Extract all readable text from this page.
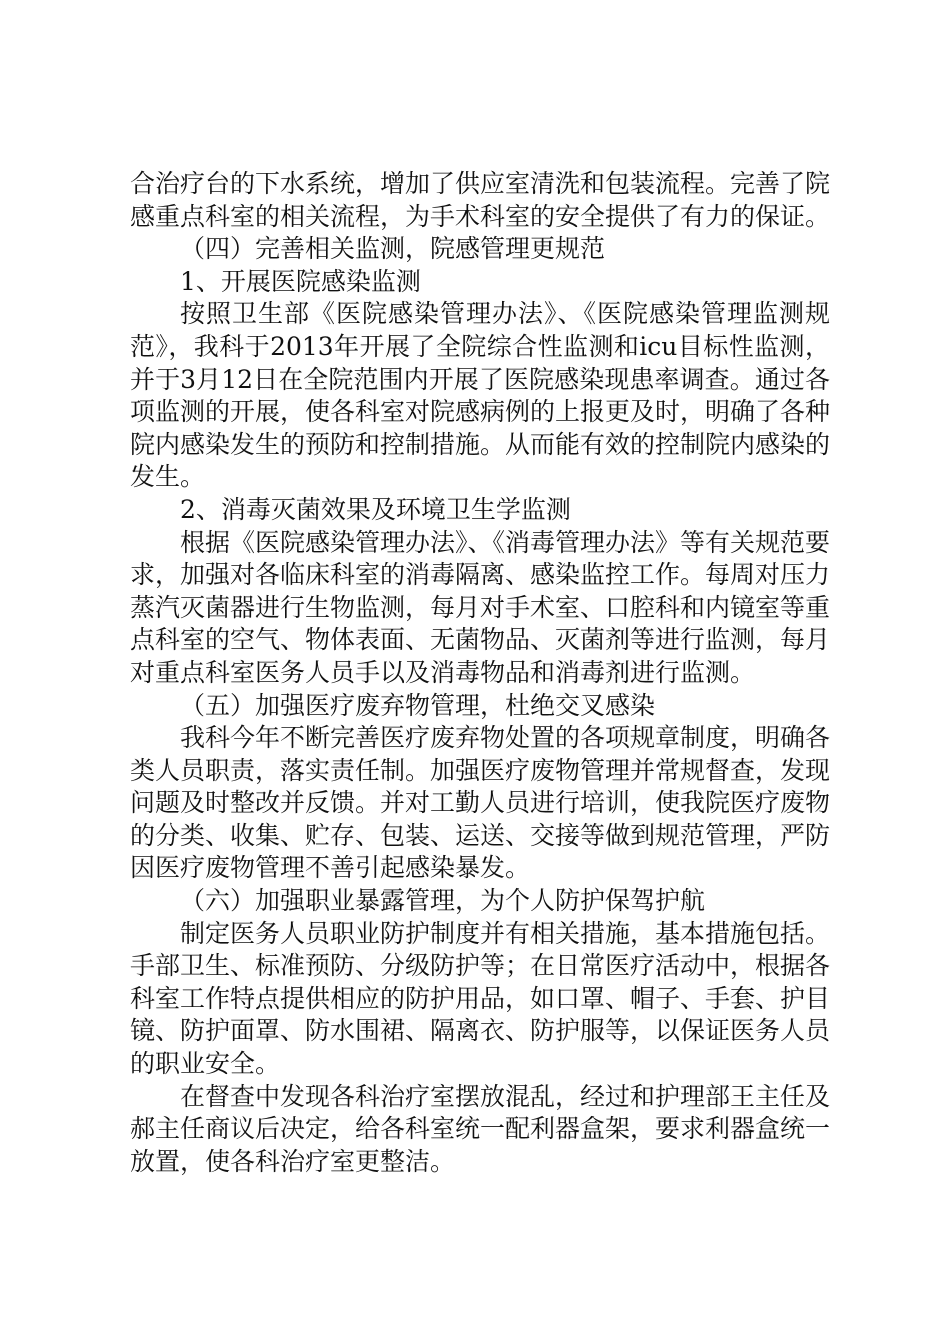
合治疗台的下水系统，增加了供应室清洗和包装流程。完善了院感重点科室的相关流程，为手术科室的安全提供了有力的保证。

（四）完善相关监测，院感管理更规范

1、开展医院感染监测

按照卫生部《医院感染管理办法》、《医院感染管理监测规范》，我科于2013年开展了全院综合性监测和icu目标性监测，并于3月12日在全院范围内开展了医院感染现患率调查。通过各项监测的开展，使各科室对院感病例的上报更及时，明确了各种院内感染发生的预防和控制措施。从而能有效的控制院内感染的发生。

2、消毒灭菌效果及环境卫生学监测

根据《医院感染管理办法》、《消毒管理办法》等有关规范要求，加强对各临床科室的消毒隔离、感染监控工作。每周对压力蒸汽灭菌器进行生物监测，每月对手术室、口腔科和内镜室等重点科室的空气、物体表面、无菌物品、灭菌剂等进行监测，每月对重点科室医务人员手以及消毒物品和消毒剂进行监测。

（五）加强医疗废弃物管理，杜绝交叉感染

我科今年不断完善医疗废弃物处置的各项规章制度，明确各类人员职责，落实责任制。加强医疗废物管理并常规督查，发现问题及时整改并反馈。并对工勤人员进行培训，使我院医疗废物的分类、收集、贮存、包装、运送、交接等做到规范管理，严防因医疗废物管理不善引起感染暴发。

（六）加强职业暴露管理，为个人防护保驾护航

制定医务人员职业防护制度并有相关措施，基本措施包括。手部卫生、标准预防、分级防护等；在日常医疗活动中，根据各科室工作特点提供相应的防护用品，如口罩、帽子、手套、护目镜、防护面罩、防水围裙、隔离衣、防护服等，以保证医务人员的职业安全。

在督查中发现各科治疗室摆放混乱，经过和护理部王主任及郝主任商议后决定，给各科室统一配利器盒架，要求利器盒统一放置，使各科治疗室更整洁。
